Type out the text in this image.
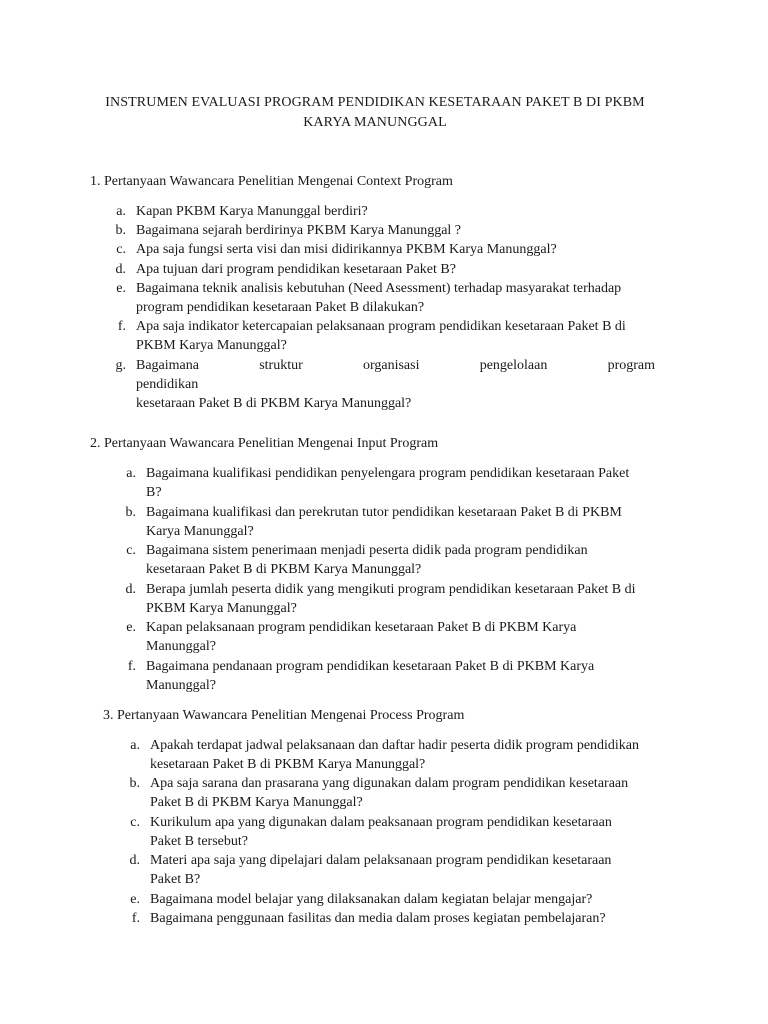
INSTRUMEN EVALUASI PROGRAM PENDIDIKAN KESETARAAN PAKET B DI PKBM KARYA MANUNGGAL
1. Pertanyaan Wawancara Penelitian Mengenai Context Program
a. Kapan PKBM Karya Manunggal berdiri?
b. Bagaimana sejarah berdirinya PKBM Karya Manunggal ?
c. Apa saja fungsi serta visi dan misi didirikannya PKBM Karya Manunggal?
d. Apa tujuan dari program pendidikan kesetaraan Paket B?
e. Bagaimana teknik analisis kebutuhan (Need Asessment) terhadap masyarakat terhadap
program pendidikan kesetaraan Paket B dilakukan?
f. Apa saja indikator ketercapaian pelaksanaan program pendidikan kesetaraan Paket B di
PKBM Karya Manunggal?
g. Bagaimana struktur organisasi pengelolaan program pendidikan
kesetaraan Paket B di PKBM Karya Manunggal?
2. Pertanyaan Wawancara Penelitian Mengenai Input Program
a. Bagaimana kualifikasi pendidikan penyelengara program pendidikan kesetaraan Paket
B?
b. Bagaimana kualifikasi dan perekrutan tutor pendidikan kesetaraan Paket B di PKBM
Karya Manunggal?
c. Bagaimana sistem penerimaan menjadi peserta didik pada program pendidikan
kesetaraan Paket B di PKBM Karya Manunggal?
d. Berapa jumlah peserta didik yang mengikuti program pendidikan kesetaraan Paket B di
PKBM Karya Manunggal?
e. Kapan pelaksanaan program pendidikan kesetaraan Paket B di PKBM Karya
Manunggal?
f. Bagaimana pendanaan program pendidikan kesetaraan Paket B di PKBM Karya
Manunggal?
3. Pertanyaan Wawancara Penelitian Mengenai Process Program
a. Apakah terdapat jadwal pelaksanaan dan daftar hadir peserta didik program pendidikan
kesetaraan Paket B di PKBM Karya Manunggal?
b. Apa saja sarana dan prasarana yang digunakan dalam program pendidikan kesetaraan
Paket B di PKBM Karya Manunggal?
c. Kurikulum apa yang digunakan dalam peaksanaan program pendidikan kesetaraan
Paket B tersebut?
d. Materi apa saja yang dipelajari dalam pelaksanaan program pendidikan kesetaraan
Paket B?
e. Bagaimana model belajar yang dilaksanakan dalam kegiatan belajar mengajar?
f. Bagaimana penggunaan fasilitas dan media dalam proses kegiatan pembelajaran?
